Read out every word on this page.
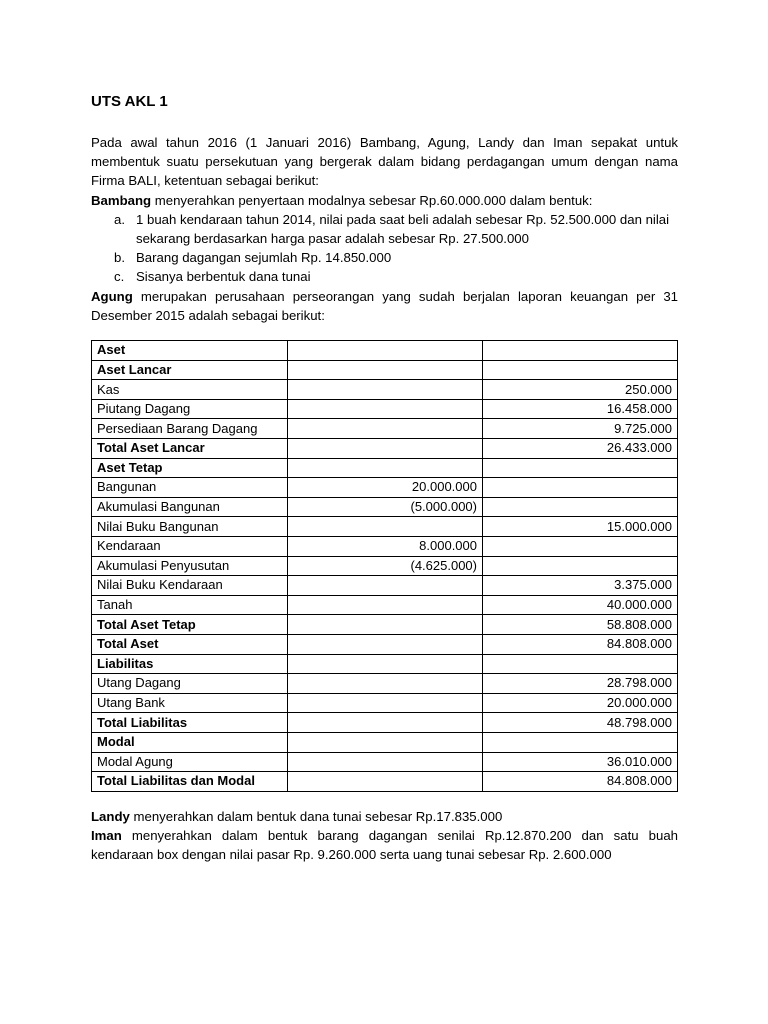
UTS AKL 1

Pada awal tahun 2016 (1 Januari 2016) Bambang, Agung, Landy dan Iman sepakat untuk membentuk suatu persekutuan yang bergerak dalam bidang perdagangan umum dengan nama Firma BALI, ketentuan sebagai berikut:

Bambang menyerahkan penyertaan modalnya sebesar Rp.60.000.000 dalam bentuk:

a. 1 buah kendaraan tahun 2014, nilai pada saat beli adalah sebesar Rp. 52.500.000 dan nilai sekarang berdasarkan harga pasar adalah sebesar Rp. 27.500.000
b. Barang dagangan sejumlah Rp. 14.850.000
c. Sisanya berbentuk dana tunai

Agung merupakan perusahaan perseorangan yang sudah berjalan laporan keuangan per 31 Desember 2015 adalah sebagai berikut:

Aset		
Aset Lancar		
Kas		250.000
Piutang Dagang		16.458.000
Persediaan Barang Dagang		9.725.000
Total Aset Lancar		26.433.000
Aset Tetap		
Bangunan	20.000.000	
Akumulasi Bangunan	(5.000.000)	
Nilai Buku Bangunan		15.000.000
Kendaraan	8.000.000	
Akumulasi Penyusutan	(4.625.000)	
Nilai Buku Kendaraan		3.375.000
Tanah		40.000.000
Total Aset Tetap		58.808.000
Total Aset		84.808.000
Liabilitas		
Utang Dagang		28.798.000
Utang Bank		20.000.000
Total Liabilitas		48.798.000
Modal		
Modal Agung		36.010.000
Total Liabilitas dan Modal		84.808.000

Landy menyerahkan dalam bentuk dana tunai sebesar Rp.17.835.000

Iman menyerahkan dalam bentuk barang dagangan senilai Rp.12.870.200 dan satu buah kendaraan box dengan nilai pasar Rp. 9.260.000 serta uang tunai sebesar Rp. 2.600.000
